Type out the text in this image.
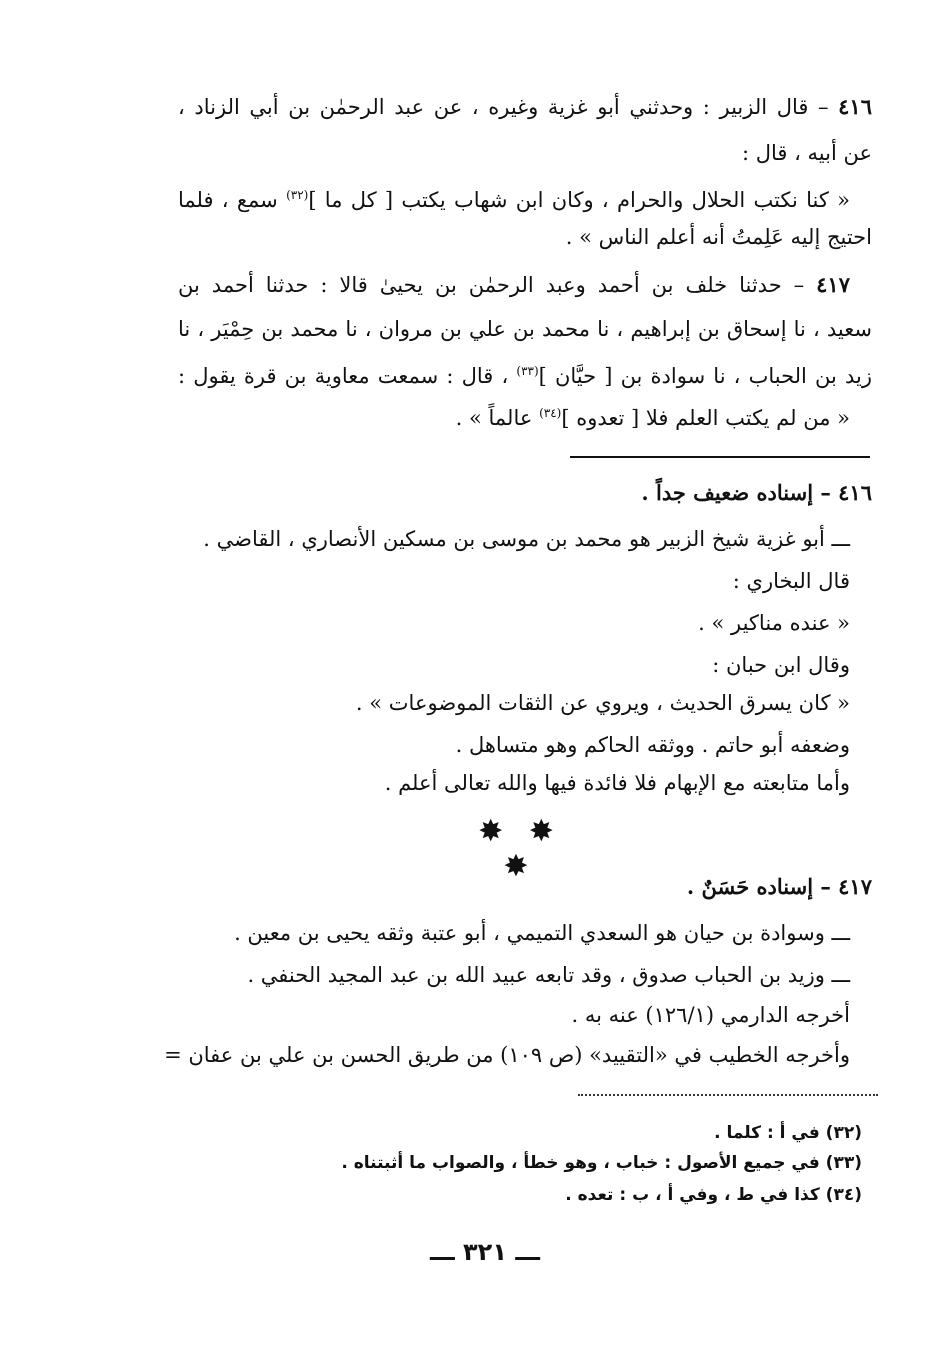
٤١٦ – قال الزبير : وحدثني أبو غزية وغيره ، عن عبد الرحمٰن بن أبي الزناد ،
عن أبيه ، قال :
« كنا نكتب الحلال والحرام ، وكان ابن شهاب يكتب [ كل ما ]$^{(٣٢)}$ سمع ، فلما
احتيج إليه عَلِمتُ أنه أعلم الناس » .
٤١٧ – حدثنا خلف بن أحمد وعبد الرحمٰن بن يحيىٰ قالا : حدثنا أحمد بن
سعيد ، نا إسحاق بن إبراهيم ، نا محمد بن علي بن مروان ، نا محمد بن حِمْيَر ، نا
زيد بن الحباب ، نا سوادة بن [ حيَّان ]$^{(٣٣)}$ ، قال : سمعت معاوية بن قرة يقول :
« من لم يكتب العلم فلا [ تعدوه ]$^{(٣٤)}$ عالماً » .
٤١٦ – إسناده ضعيف جداً .
ـــ أبو غزية شيخ الزبير هو محمد بن موسى بن مسكين الأنصاري ، القاضي .
قال البخاري :
« عنده مناكير » .
وقال ابن حبان :
« كان يسرق الحديث ، ويروي عن الثقات الموضوعات » .
وضعفه أبو حاتم . ووثقه الحاكم وهو متساهل .
وأما متابعته مع الإبهام فلا فائدة فيها والله تعالى أعلم .
✸ ✸ ✸
٤١٧ – إسناده حَسَنٌ .
ـــ وسوادة بن حيان هو السعدي التميمي ، أبو عتبة وثقه يحيى بن معين .
ـــ وزيد بن الحباب صدوق ، وقد تابعه عبيد الله بن عبد المجيد الحنفي .
أخرجه الدارمي (١٢٦/١) عنه به .
وأخرجه الخطيب في «التقييد» (ص ١٠٩) من طريق الحسن بن علي بن عفان =
(٣٢) في أ : كلما .
(٣٣) في جميع الأصول : خباب ، وهو خطأ ، والصواب ما أثبتناه .
(٣٤) كذا في ط ، وفي أ ، ب : تعده .
ـــ ٣٢١ ـــ
